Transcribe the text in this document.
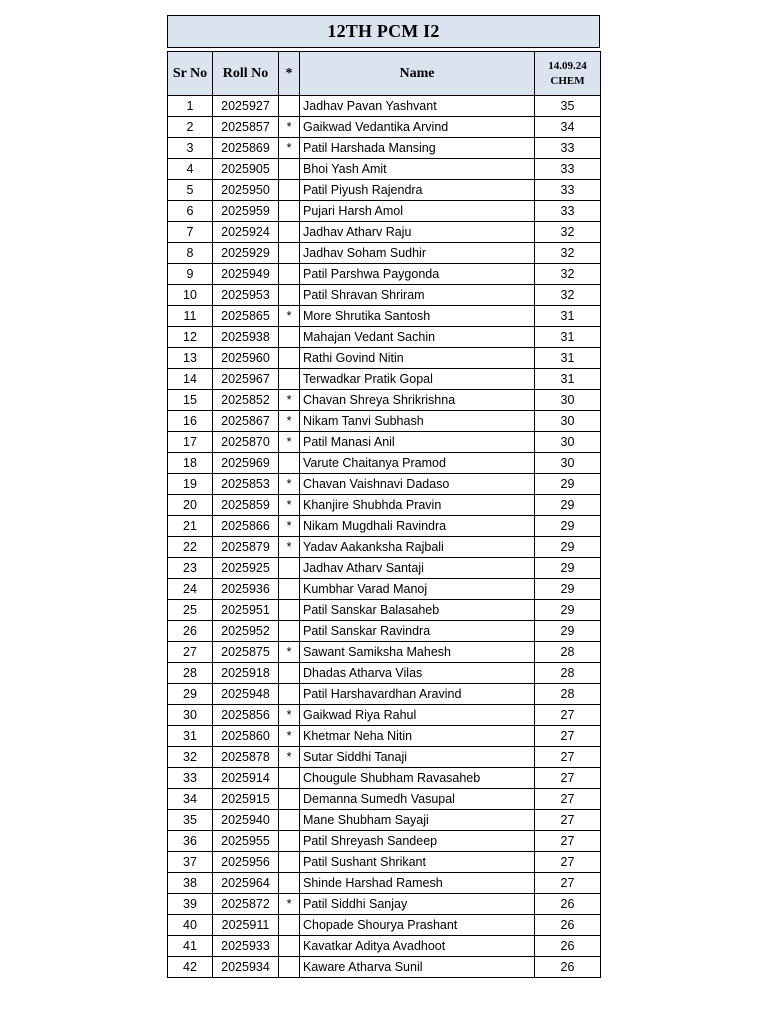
12TH PCM I2
Sr No	Roll No	*	Name	14.09.24
CHEM

1	2025927		Jadhav Pavan Yashvant	35
2	2025857	*	Gaikwad Vedantika Arvind	34
3	2025869	*	Patil Harshada Mansing	33
4	2025905		Bhoi Yash Amit	33
5	2025950		Patil Piyush Rajendra	33
6	2025959		Pujari Harsh Amol	33
7	2025924		Jadhav Atharv Raju	32
8	2025929		Jadhav Soham Sudhir	32
9	2025949		Patil Parshwa Paygonda	32
10	2025953		Patil Shravan Shriram	32
11	2025865	*	More Shrutika Santosh	31
12	2025938		Mahajan Vedant Sachin	31
13	2025960		Rathi Govind Nitin	31
14	2025967		Terwadkar Pratik Gopal	31
15	2025852	*	Chavan Shreya Shrikrishna	30
16	2025867	*	Nikam Tanvi Subhash	30
17	2025870	*	Patil Manasi Anil	30
18	2025969		Varute Chaitanya Pramod	30
19	2025853	*	Chavan Vaishnavi Dadaso	29
20	2025859	*	Khanjire Shubhda Pravin	29
21	2025866	*	Nikam Mugdhali Ravindra	29
22	2025879	*	Yadav Aakanksha Rajbali	29
23	2025925		Jadhav Atharv Santaji	29
24	2025936		Kumbhar Varad Manoj	29
25	2025951		Patil Sanskar Balasaheb	29
26	2025952		Patil Sanskar Ravindra	29
27	2025875	*	Sawant Samiksha Mahesh	28
28	2025918		Dhadas Atharva Vilas	28
29	2025948		Patil Harshavardhan Aravind	28
30	2025856	*	Gaikwad Riya Rahul	27
31	2025860	*	Khetmar Neha Nitin	27
32	2025878	*	Sutar Siddhi Tanaji	27
33	2025914		Chougule Shubham Ravasaheb	27
34	2025915		Demanna Sumedh Vasupal	27
35	2025940		Mane Shubham Sayaji	27
36	2025955		Patil Shreyash Sandeep	27
37	2025956		Patil Sushant Shrikant	27
38	2025964		Shinde Harshad Ramesh	27
39	2025872	*	Patil Siddhi Sanjay	26
40	2025911		Chopade Shourya Prashant	26
41	2025933		Kavatkar Aditya Avadhoot	26
42	2025934		Kaware Atharva Sunil	26
